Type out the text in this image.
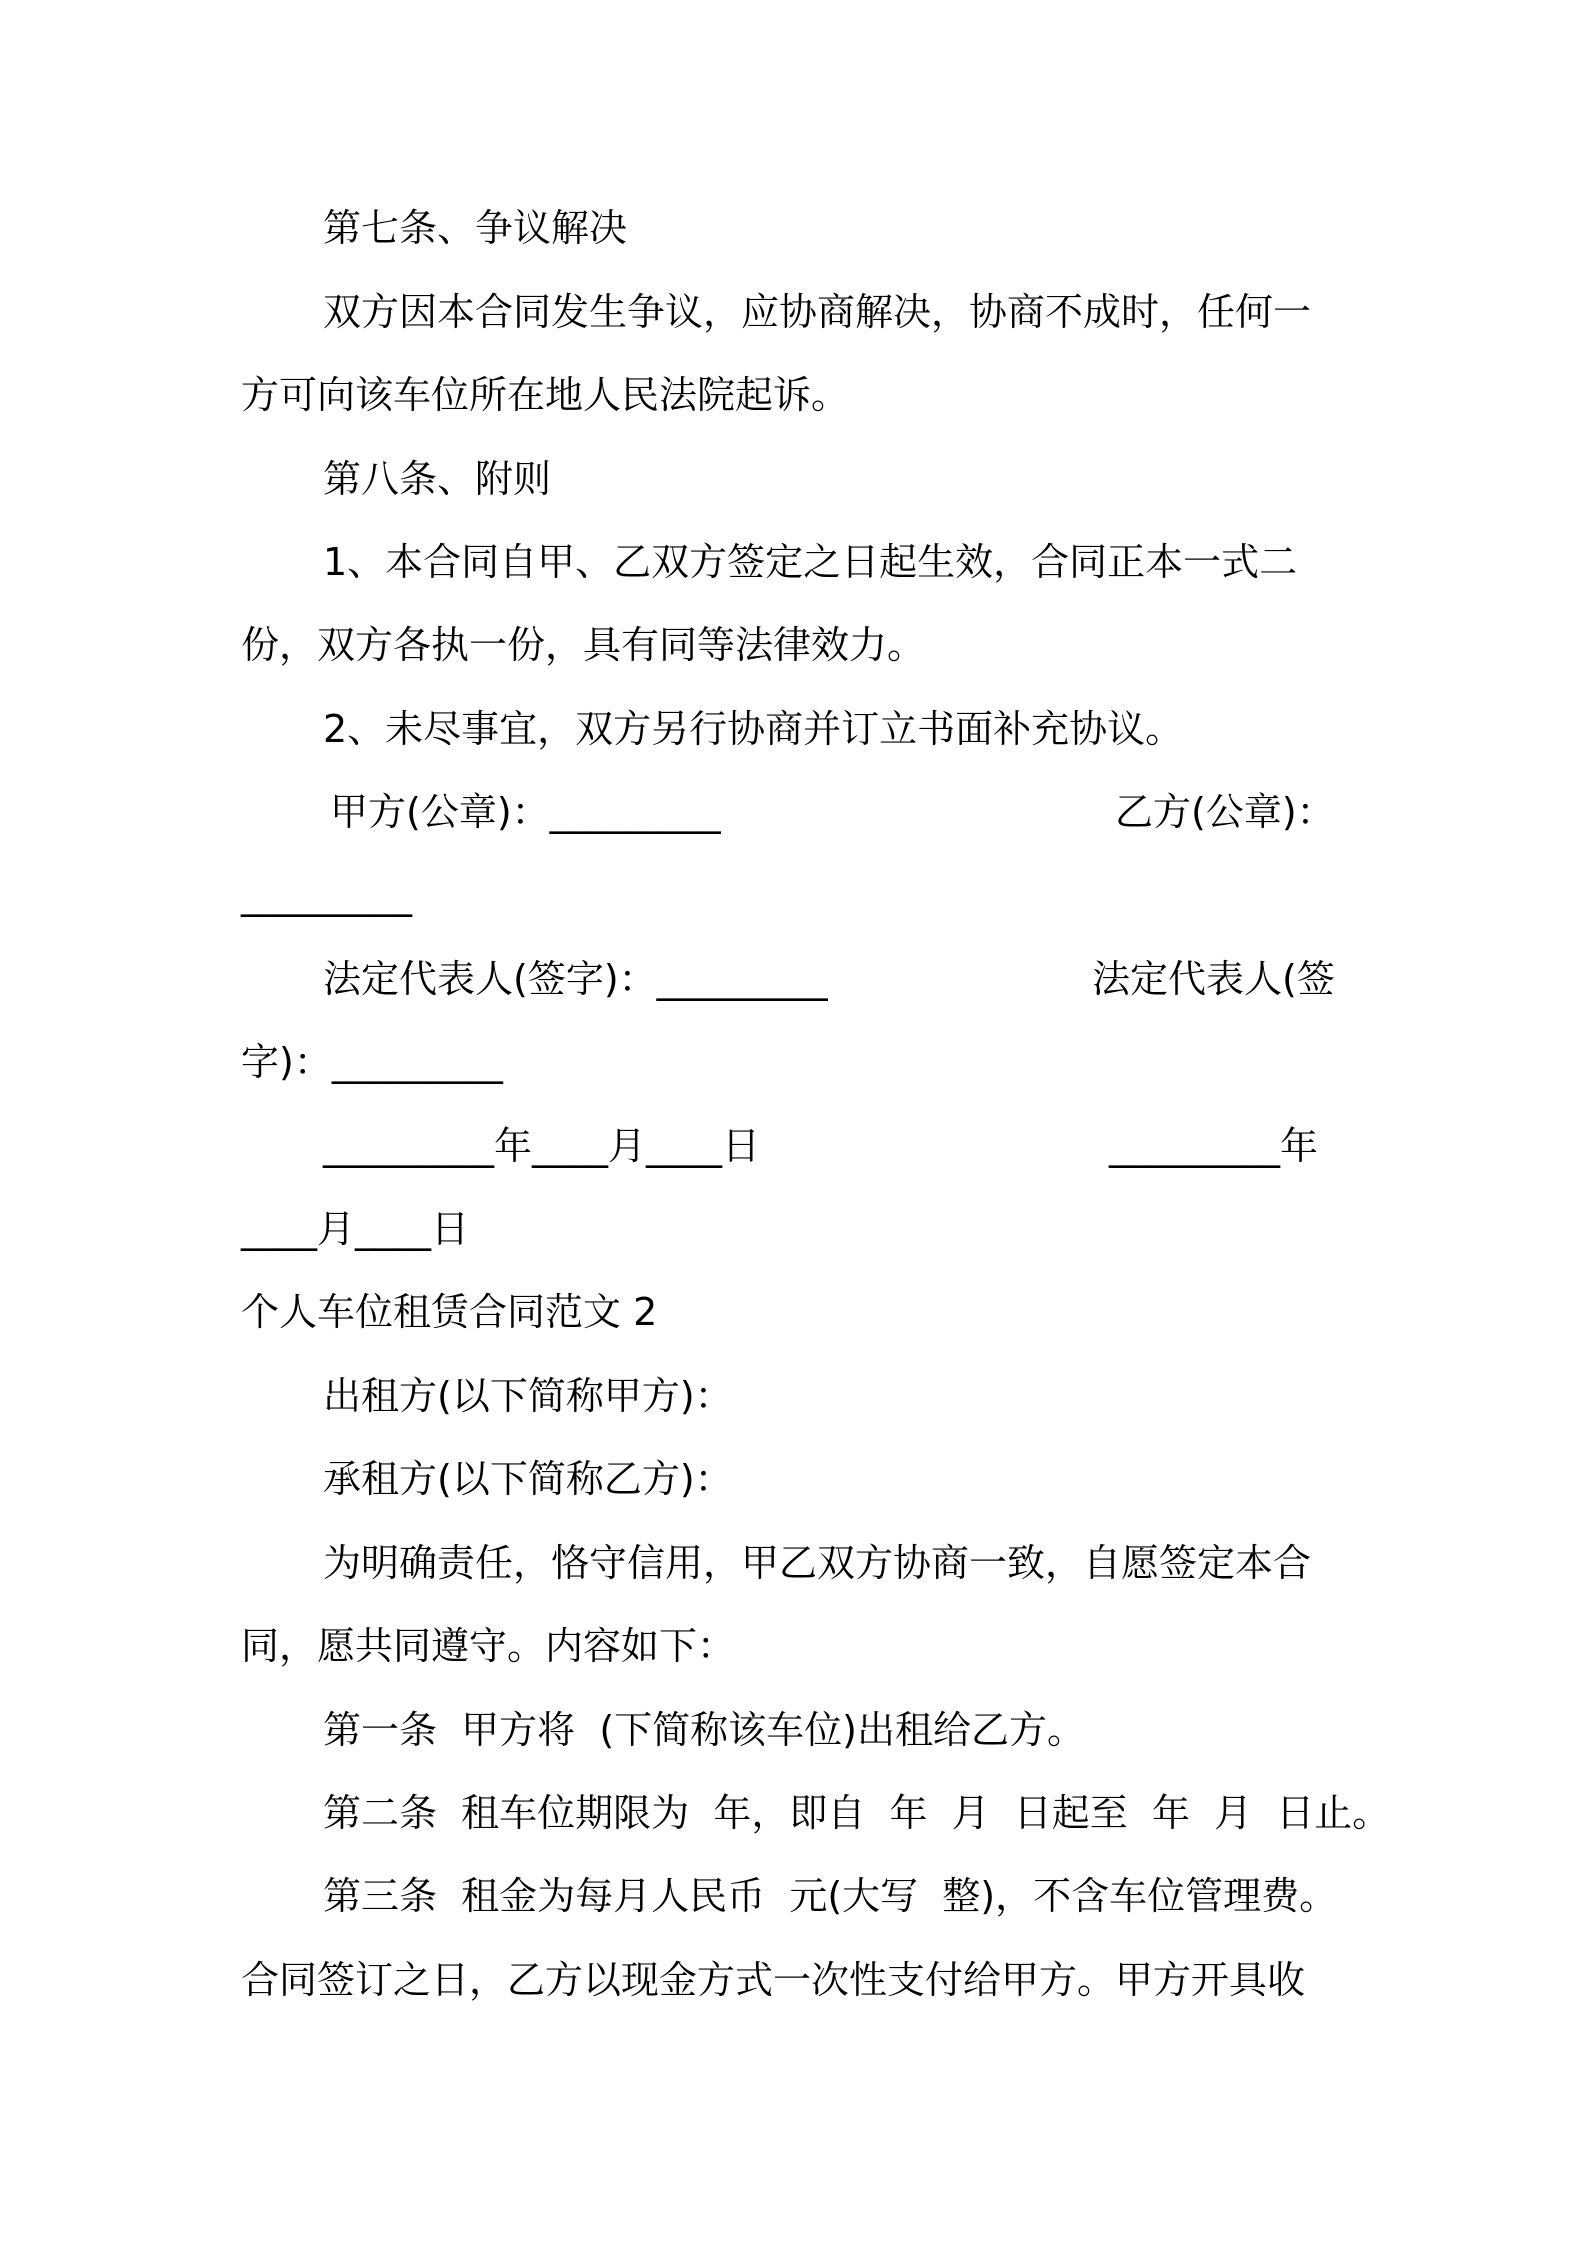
第七条、争议解决
双方因本合同发生争议，应协商解决，协商不成时，任何一
方可向该车位所在地人民法院起诉。
第八条、附则
1、本合同自甲、乙双方签定之日起生效，合同正本一式二
份，双方各执一份，具有同等法律效力。
2、未尽事宜，双方另行协商并订立书面补充协议。
甲方(公章)：_________	乙方(公章)：
_________
法定代表人(签字)：_________	法定代表人(签
字)：_________
_________年____月____日	_________年
____月____日
个人车位租赁合同范文 2
出租方(以下简称甲方)：
承租方(以下简称乙方)：
为明确责任，恪守信用，甲乙双方协商一致，自愿签定本合
同，愿共同遵守。内容如下：
第一条  甲方将  (下简称该车位)出租给乙方。
第二条  租车位期限为  年，即自  年  月  日起至  年  月  日止。
第三条  租金为每月人民币  元(大写  整)，不含车位管理费。
合同签订之日，乙方以现金方式一次性支付给甲方。甲方开具收
